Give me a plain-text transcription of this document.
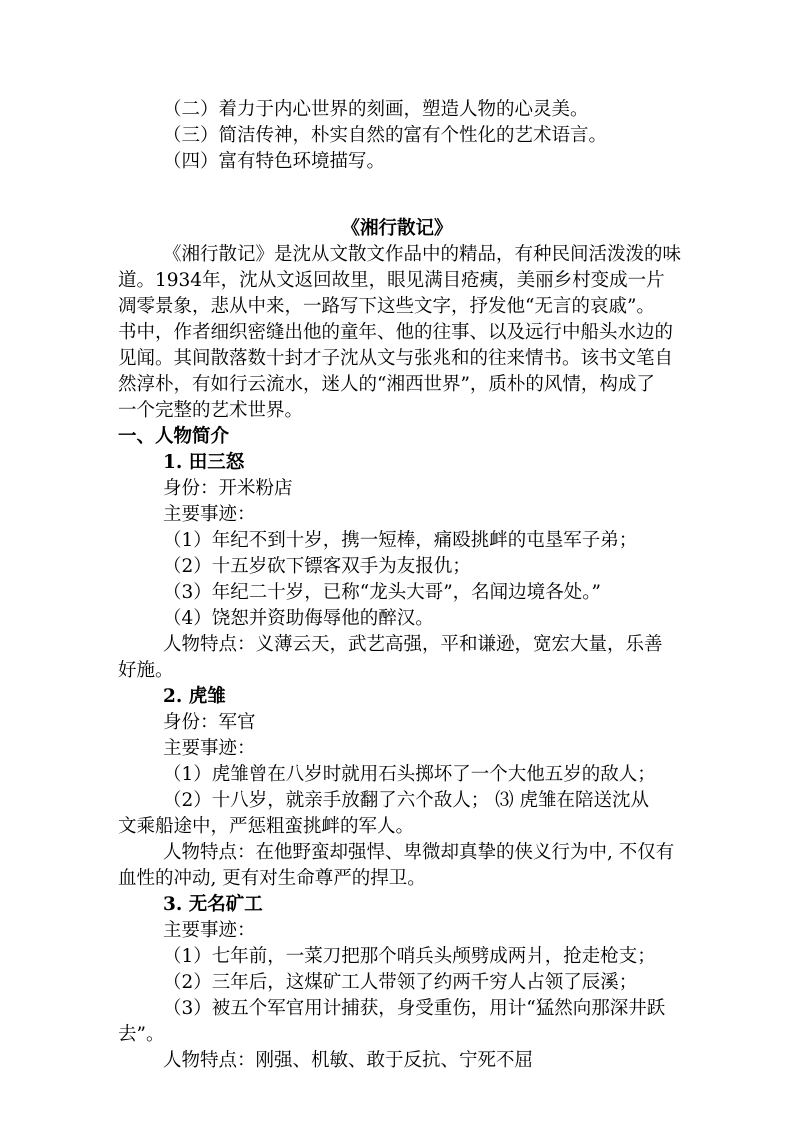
（二）着力于内心世界的刻画，塑造人物的心灵美。
（三）简洁传神，朴实自然的富有个性化的艺术语言。
（四）富有特色环境描写。
《湘行散记》
《湘行散记》是沈从文散文作品中的精品，有种民间活泼泼的味
道。1934年，沈从文返回故里，眼见满目疮痍，美丽乡村变成一片
凋零景象，悲从中来，一路写下这些文字，抒发他“无言的哀戚”。
书中，作者细织密缝出他的童年、他的往事、以及远行中船头水边的
见闻。其间散落数十封才子沈从文与张兆和的往来情书。该书文笔自
然淳朴，有如行云流水，迷人的“湘西世界”，质朴的风情，构成了
一个完整的艺术世界。
一、人物简介
1. 田三怒
身份：开米粉店
主要事迹：
（1）年纪不到十岁，携一短棒，痛殴挑衅的屯垦军子弟；
（2）十五岁砍下镖客双手为友报仇；
（3）年纪二十岁，已称“龙头大哥”，名闻边境各处。”
（4）饶恕并资助侮辱他的醉汉。
人物特点：义薄云天，武艺高强，平和谦逊，宽宏大量，乐善
好施。
2. 虎雏
身份：军官
主要事迹：
（1）虎雏曾在八岁时就用石头掷坏了一个大他五岁的敌人；
（2）十八岁，就亲手放翻了六个敌人； ⑶ 虎雏在陪送沈从
文乘船途中，严惩粗蛮挑衅的军人。
人物特点：在他野蛮却强悍、卑微却真挚的侠义行为中, 不仅有
血性的冲动, 更有对生命尊严的捍卫。
3. 无名矿工
主要事迹：
（1）七年前，一菜刀把那个哨兵头颅劈成两爿，抢走枪支；
（2）三年后，这煤矿工人带领了约两千穷人占领了辰溪；
（3）被五个军官用计捕获，身受重伤，用计“猛然向那深井跃
去”。
人物特点：刚强、机敏、敢于反抗、宁死不屈
